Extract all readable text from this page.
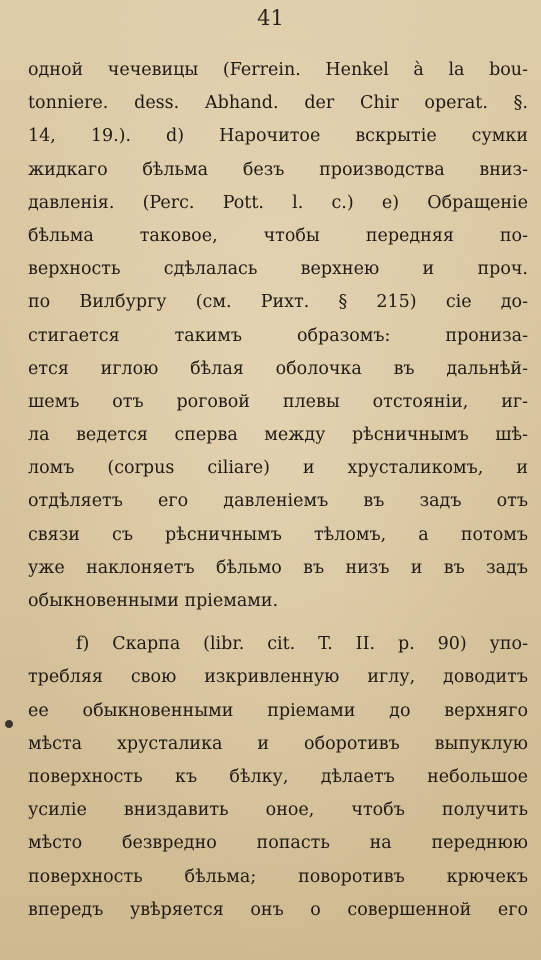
41
одной чечевицы (Ferrein. Henkel à la bou-
tonniere. dess. Abhand. der Chir operat. §.
14, 19.). d) Нарочитое вскрытіе сумки
жидкаго бѣльма безъ производства вниз-
давленія. (Perc. Pott. l. c.) e) Обращеніе
бѣльма таковое, чтобы передняя по-
верхность сдѣлалась верхнею и проч.
по Вилбургу (см. Рихт. § 215) сіе до-
стигается такимъ образомъ: прониза-
ется иглою бѣлая оболочка въ дальнѣй-
шемъ отъ роговой плевы отстояніи, иг-
ла ведется сперва между рѣсничнымъ шѣ-
ломъ (corpus ciliare) и хрусталикомъ, и
отдѣляетъ его давленіемъ въ задъ отъ
связи съ рѣсничнымъ тѣломъ, а потомъ
уже наклоняетъ бѣльмо въ низъ и въ задъ
обыкновенными пріемами.
f) Скарпа (libr. cit. T. II. p. 90) упо-
требляя свою изкривленную иглу, доводитъ
ее обыкновенными пріемами до верхняго
мѣста хрусталика и оборотивъ выпуклую
поверхность къ бѣлку, дѣлаетъ небольшое
усиліе вниздавить оное, чтобъ получить
мѣсто безвредно попасть на переднюю
поверхность бѣльма; поворотивъ крючекъ
впередъ увѣряется онъ о совершенной его
